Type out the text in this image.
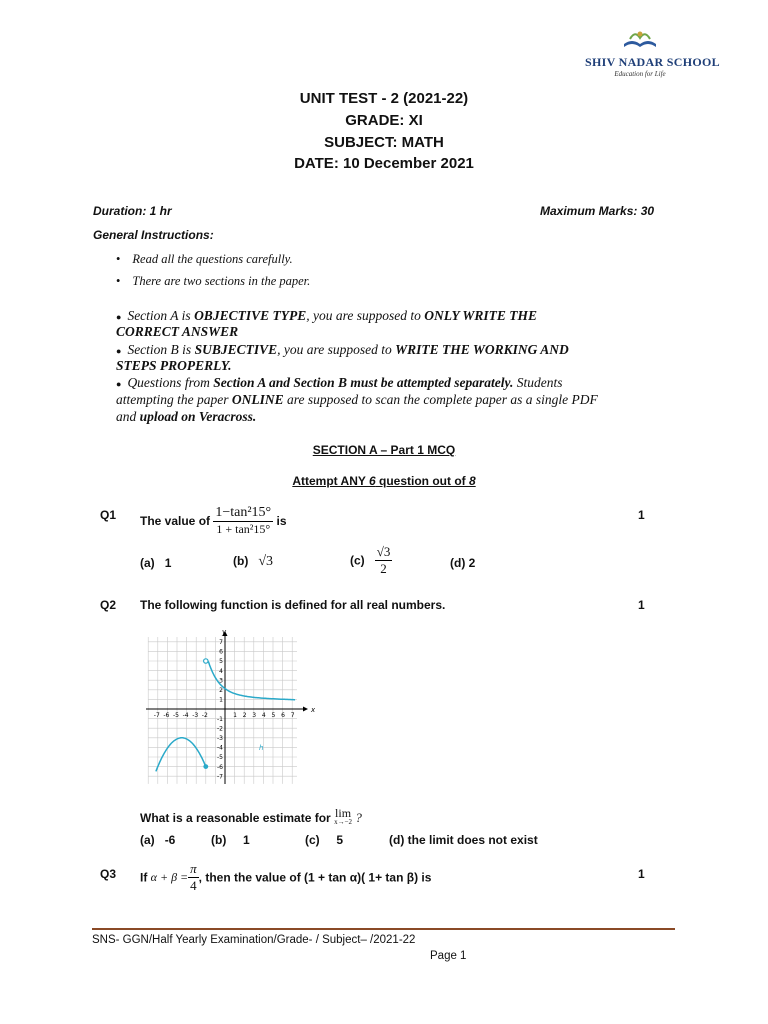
SHIV NADAR SCHOOL
Education for Life
UNIT TEST - 2 (2021-22)
GRADE: XI
SUBJECT: MATH
DATE: 10 December 2021
Duration: 1 hr	Maximum Marks: 30
General Instructions:
• Read all the questions carefully.
• There are two sections in the paper.
● Section A is OBJECTIVE TYPE, you are supposed to ONLY WRITE THE
CORRECT ANSWER
● Section B is SUBJECTIVE, you are supposed to WRITE THE WORKING AND
STEPS PROPERLY.
● Questions from Section A and Section B must be attempted separately. Students
attempting the paper ONLINE are supposed to scan the complete paper as a single PDF
and upload on Veracross.
SECTION A – Part 1 MCQ
Attempt ANY 6 question out of 8
Q1	1
The value of $\frac{\text{1−tan²15°}}{\text{1 + tan²15°}}$ is
(a) 1	(b) √3	$(c) \frac{√3}{2}$	(d) 2
Q2 The following function is defined for all real numbers.	1
x
y
-7 -6 -5 -4 -3 -2	1 2 3 4 5 6 7
7
6
5
4
3
2
1
-1
-2
-3
-4
-5
-6
-7
h
What is a reasonable estimate for lim
x→−2 ?
(a) -6	(b) 1	(c) 5	(d) the limit does not exist
Q3	1
If $\alpha + \beta = \frac{\pi}{4}$ , then the value of (1 + tan α)( 1+ tan β) is
SNS- GGN/Half Yearly Examination/Grade- / Subject– /2021-22
Page 1
